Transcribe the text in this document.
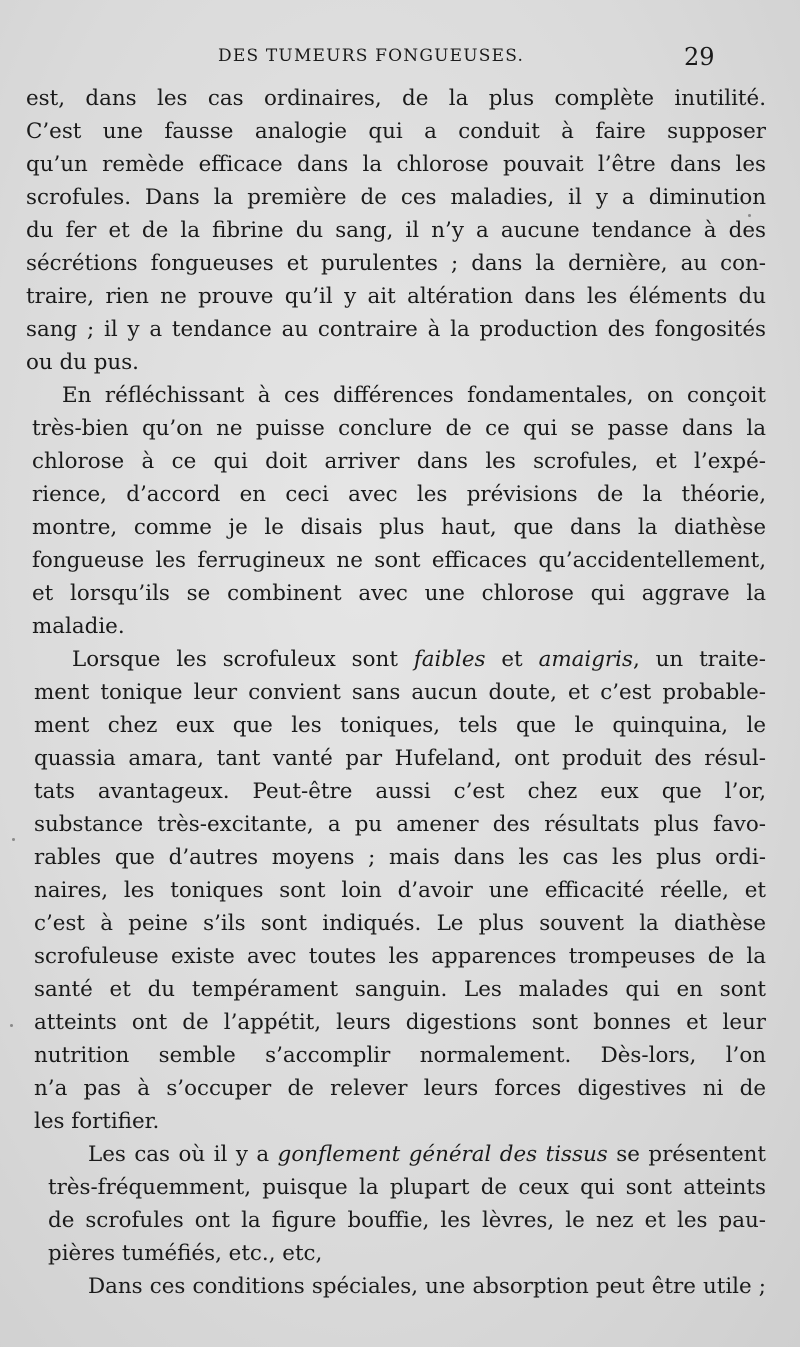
DES TUMEURS FONGUEUSES.	29
est, dans les cas ordinaires, de la plus complète inutilité.
C’est une fausse analogie qui a conduit à faire supposer
qu’un remède efficace dans la chlorose pouvait l’être dans les
scrofules. Dans la première de ces maladies, il y a diminution
du fer et de la fibrine du sang, il n’y a aucune tendance à des
sécrétions fongueuses et purulentes ; dans la dernière, au con-
traire, rien ne prouve qu’il y ait altération dans les éléments du
sang ; il y a tendance au contraire à la production des fongosités
ou du pus.
En réfléchissant à ces différences fondamentales, on conçoit
très-bien qu’on ne puisse conclure de ce qui se passe dans la
chlorose à ce qui doit arriver dans les scrofules, et l’expé-
rience, d’accord en ceci avec les prévisions de la théorie,
montre, comme je le disais plus haut, que dans la diathèse
fongueuse les ferrugineux ne sont efficaces qu’accidentellement,
et lorsqu’ils se combinent avec une chlorose qui aggrave la
maladie.
Lorsque les scrofuleux sont faibles et amaigris, un traite-
ment tonique leur convient sans aucun doute, et c’est probable-
ment chez eux que les toniques, tels que le quinquina, le
quassia amara, tant vanté par Hufeland, ont produit des résul-
tats avantageux. Peut-être aussi c’est chez eux que l’or,
substance très-excitante, a pu amener des résultats plus favo-
rables que d’autres moyens ; mais dans les cas les plus ordi-
naires, les toniques sont loin d’avoir une efficacité réelle, et
c’est à peine s’ils sont indiqués. Le plus souvent la diathèse
scrofuleuse existe avec toutes les apparences trompeuses de la
santé et du tempérament sanguin. Les malades qui en sont
atteints ont de l’appétit, leurs digestions sont bonnes et leur
nutrition semble s’accomplir normalement. Dès-lors, l’on
n’a pas à s’occuper de relever leurs forces digestives ni de
les fortifier.
Les cas où il y a gonflement général des tissus se présentent
très-fréquemment, puisque la plupart de ceux qui sont atteints
de scrofules ont la figure bouffie, les lèvres, le nez et les pau-
pières tuméfiés, etc., etc,
Dans ces conditions spéciales, une absorption peut être utile ;
